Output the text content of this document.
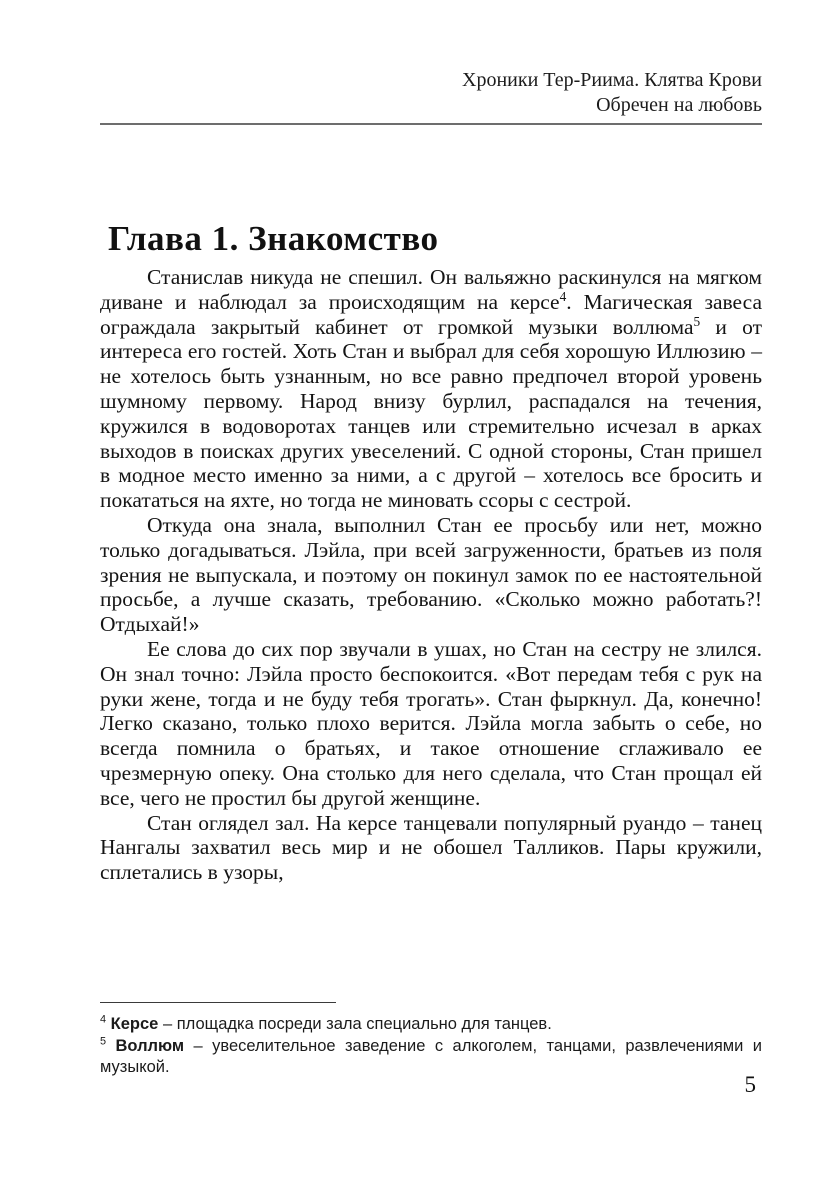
Хроники Тер-Риима. Клятва Крови
Обречен на любовь
Глава 1. Знакомство

Станислав никуда не спешил. Он вальяжно раскинулся на мягком диване и наблюдал за происходящим на керсе$^4$. Магическая завеса ограждала закрытый кабинет от громкой музыки воллюма$^5$ и от интереса его гостей. Хоть Стан и выбрал для себя хорошую Иллюзию – не хотелось быть узнанным, но все равно предпочел второй уровень шумному первому. Народ внизу бурлил, распадался на течения, кружился в водоворотах танцев или стремительно исчезал в арках выходов в поисках других увеселений. С одной стороны, Стан пришел в модное место именно за ними, а с другой – хотелось все бросить и покататься на яхте, но тогда не миновать ссоры с сестрой.

Откуда она знала, выполнил Стан ее просьбу или нет, можно только догадываться. Лэйла, при всей загруженности, братьев из поля зрения не выпускала, и поэтому он покинул замок по ее настоятельной просьбе, а лучше сказать, требованию. «Сколько можно работать?! Отдыхай!»

Ее слова до сих пор звучали в ушах, но Стан на сестру не злился. Он знал точно: Лэйла просто беспокоится. «Вот передам тебя с рук на руки жене, тогда и не буду тебя трогать». Стан фыркнул. Да, конечно! Легко сказано, только плохо верится. Лэйла могла забыть о себе, но всегда помнила о братьях, и такое отношение сглаживало ее чрезмерную опеку. Она столько для него сделала, что Стан прощал ей все, чего не простил бы другой женщине.

Стан оглядел зал. На керсе танцевали популярный руандо – танец Нангалы захватил весь мир и не обошел Талликов. Пары кружили, сплетались в узоры,

$^4$ Керсе – площадка посреди зала специально для танцев.

$^5$ Воллюм – увеселительное заведение с алкоголем, танцами, развлечениями и музыкой.

5
